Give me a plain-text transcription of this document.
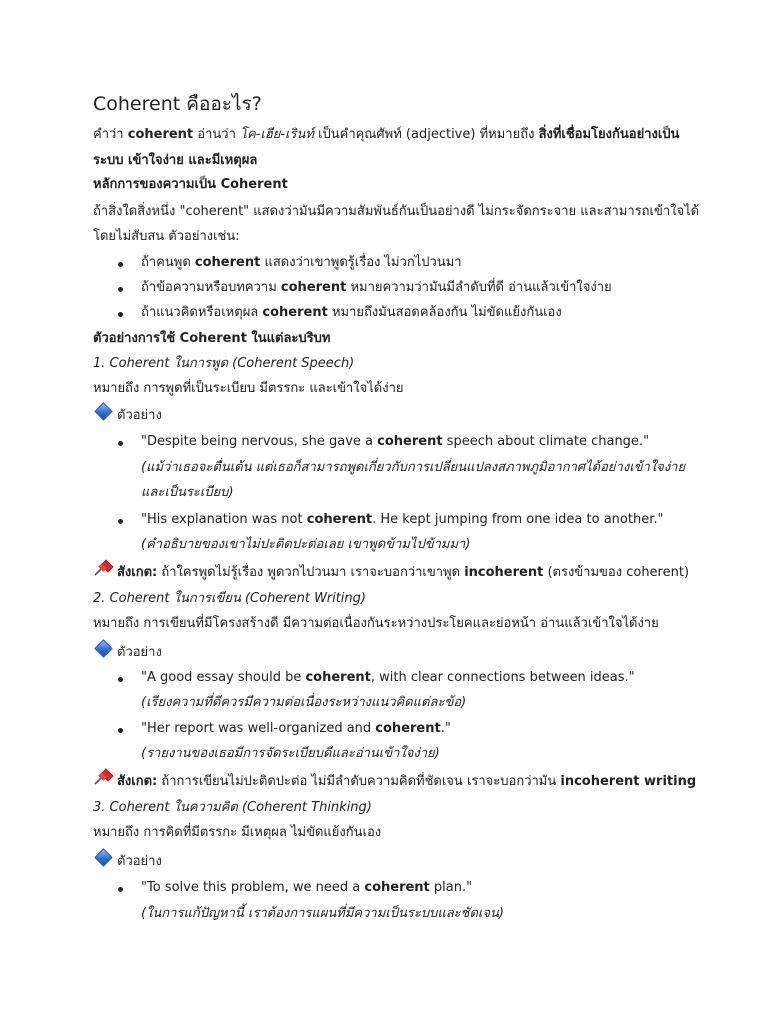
Coherent คืออะไร?
คำว่า coherent อ่านว่า โค-เฮีย-เรินท์ เป็นคำคุณศัพท์ (adjective) ที่หมายถึง สิ่งที่เชื่อมโยงกันอย่างเป็น
ระบบ เข้าใจง่าย และมีเหตุผล
หลักการของความเป็น Coherent
ถ้าสิ่งใดสิ่งหนึ่ง "coherent" แสดงว่ามันมีความสัมพันธ์กันเป็นอย่างดี ไม่กระจัดกระจาย และสามารถเข้าใจได้
โดยไม่สับสน ตัวอย่างเช่น:
ถ้าคนพูด coherent แสดงว่าเขาพูดรู้เรื่อง ไม่วกไปวนมา
ถ้าข้อความหรือบทความ coherent หมายความว่ามันมีลำดับที่ดี อ่านแล้วเข้าใจง่าย
ถ้าแนวคิดหรือเหตุผล coherent หมายถึงมันสอดคล้องกัน ไม่ขัดแย้งกันเอง
ตัวอย่างการใช้ Coherent ในแต่ละบริบท
1. Coherent ในการพูด (Coherent Speech)
หมายถึง การพูดที่เป็นระเบียบ มีตรรกะ และเข้าใจได้ง่าย
ตัวอย่าง
"Despite being nervous, she gave a coherent speech about climate change."
(แม้ว่าเธอจะตื่นเต้น แต่เธอก็สามารถพูดเกี่ยวกับการเปลี่ยนแปลงสภาพภูมิอากาศได้อย่างเข้าใจง่าย
และเป็นระเบียบ)
"His explanation was not coherent. He kept jumping from one idea to another."
(คำอธิบายของเขาไม่ปะติดปะต่อเลย เขาพูดข้ามไปข้ามมา)
สังเกต: ถ้าใครพูดไม่รู้เรื่อง พูดวกไปวนมา เราจะบอกว่าเขาพูด incoherent (ตรงข้ามของ coherent)
2. Coherent ในการเขียน (Coherent Writing)
หมายถึง การเขียนที่มีโครงสร้างดี มีความต่อเนื่องกันระหว่างประโยคและย่อหน้า อ่านแล้วเข้าใจได้ง่าย
ตัวอย่าง
"A good essay should be coherent, with clear connections between ideas."
(เรียงความที่ดีควรมีความต่อเนื่องระหว่างแนวคิดแต่ละข้อ)
"Her report was well-organized and coherent."
(รายงานของเธอมีการจัดระเบียบดีและอ่านเข้าใจง่าย)
สังเกต: ถ้าการเขียนไม่ปะติดปะต่อ ไม่มีลำดับความคิดที่ชัดเจน เราจะบอกว่ามัน incoherent writing
3. Coherent ในความคิด (Coherent Thinking)
หมายถึง การคิดที่มีตรรกะ มีเหตุผล ไม่ขัดแย้งกันเอง
ตัวอย่าง
"To solve this problem, we need a coherent plan."
(ในการแก้ปัญหานี้ เราต้องการแผนที่มีความเป็นระบบและชัดเจน)
